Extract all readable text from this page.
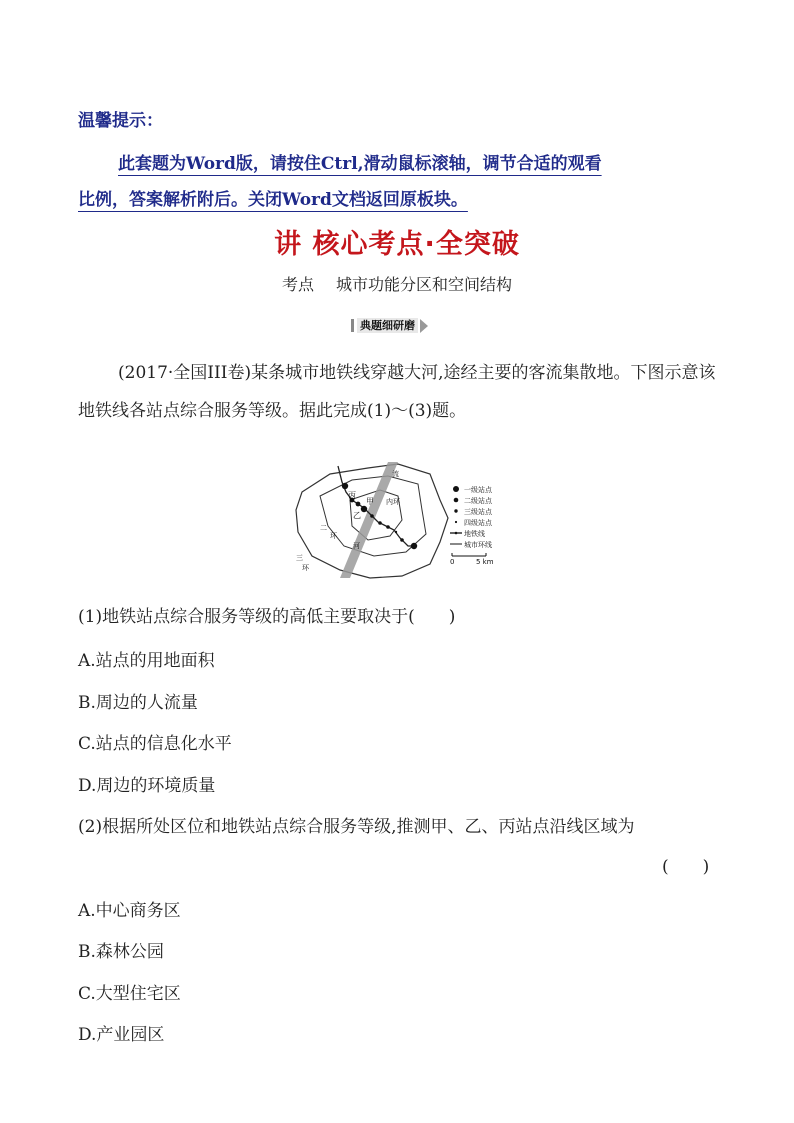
温馨提示：
此套题为Word版，请按住Ctrl,滑动鼠标滚轴，调节合适的观看
比例，答案解析附后。关闭Word文档返回原板块。
讲 核心考点·全突破
考点 城市功能分区和空间结构
典题细研磨
(2017·全国III卷)某条城市地铁线穿越大河,途经主要的客流集散地。下图示意该地铁线各站点综合服务等级。据此完成(1)～(3)题。
丙
甲
乙
流
河
内环
二
环
三
环
一级站点
二级站点
三级站点
四级站点
地铁线
城市环线
0	5 km
(1)地铁站点综合服务等级的高低主要取决于(　　)
A.站点的用地面积
B.周边的人流量
C.站点的信息化水平
D.周边的环境质量
(2)根据所处区位和地铁站点综合服务等级,推测甲、乙、丙站点沿线区域为
(　　)
A.中心商务区
B.森林公园
C.大型住宅区
D.产业园区
